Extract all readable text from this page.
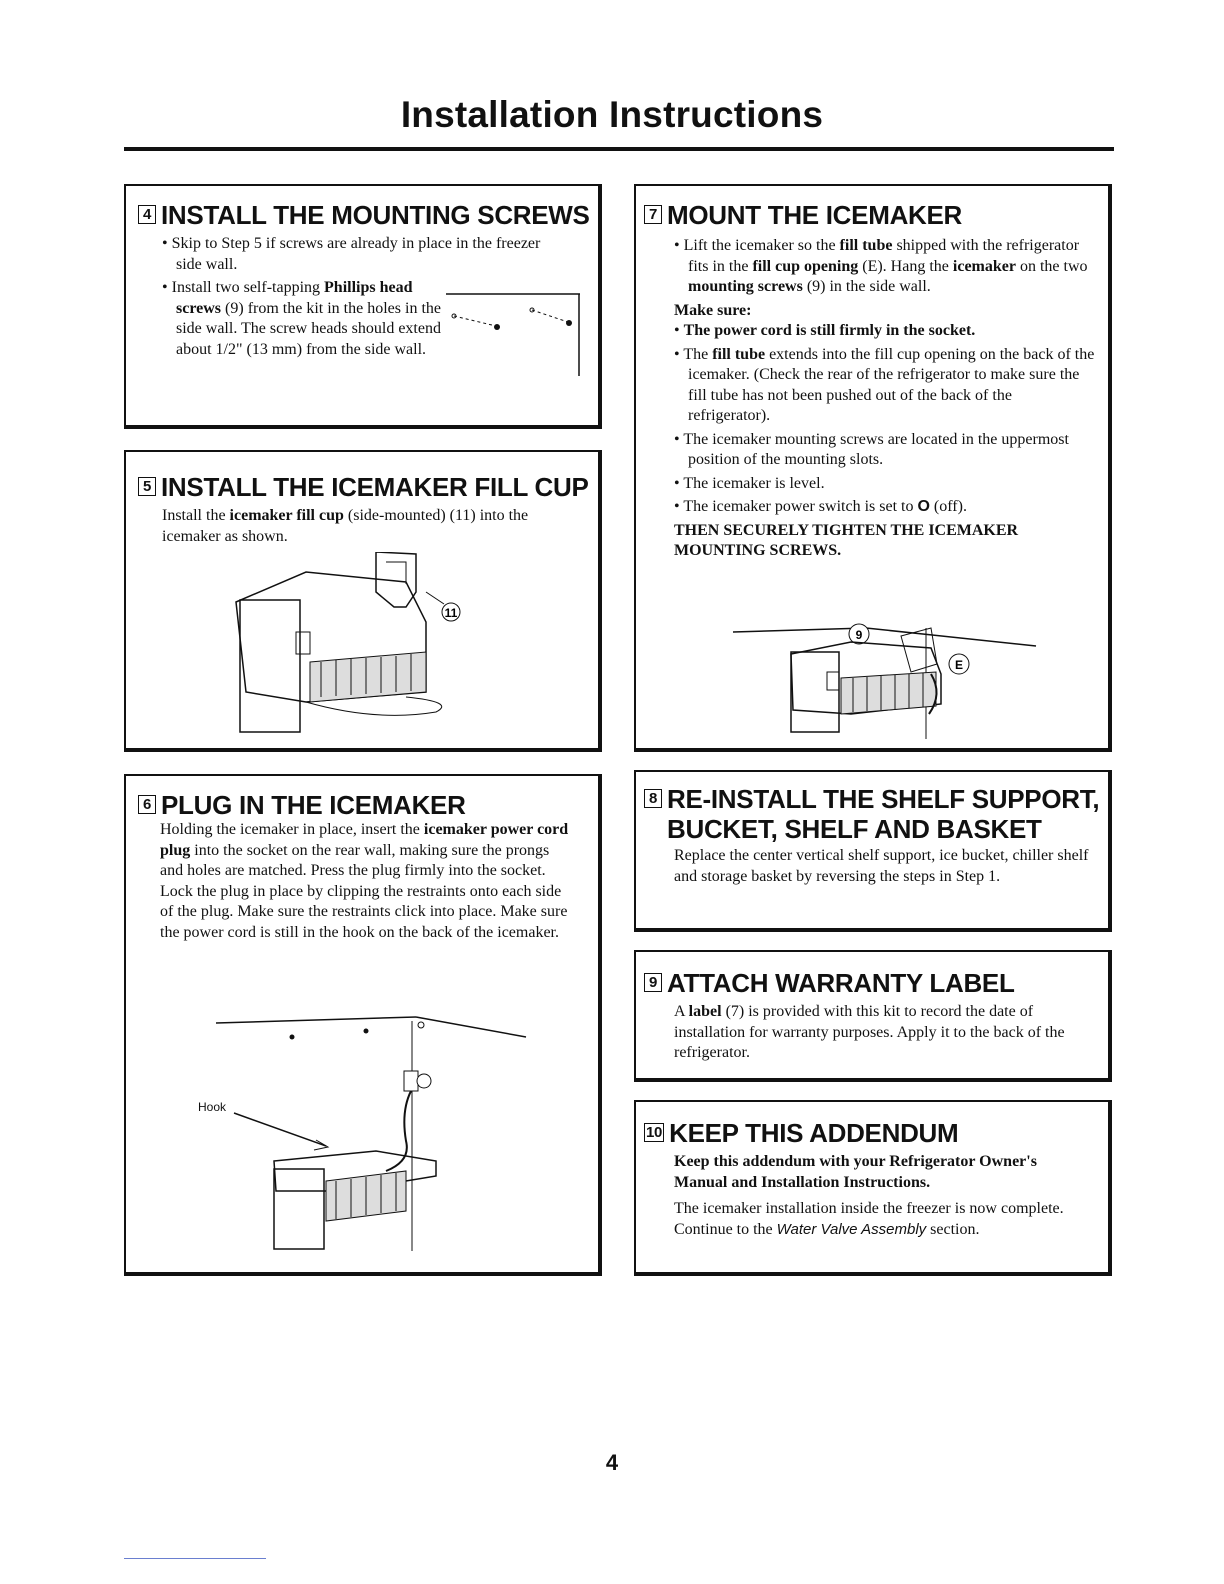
Installation Instructions
4 INSTALL THE MOUNTING SCREWS

• Skip to Step 5 if screws are already in place in the freezer side wall.

• Install two self-tapping Phillips head screws (9) from the kit in the holes in the side wall. The screw heads should extend about 1/2" (13 mm) from the side wall.

5 INSTALL THE ICEMAKER FILL CUP

Install the icemaker fill cup (side-mounted) (11) into the icemaker as shown.

11
6 PLUG IN THE ICEMAKER

Holding the icemaker in place, insert the icemaker power cord plug into the socket on the rear wall, making sure the prongs and holes are matched. Press the plug firmly into the socket. Lock the plug in place by clipping the restraints onto each side of the plug. Make sure the restraints click into place. Make sure the power cord is still in the hook on the back of the icemaker.

Hook
7 MOUNT THE ICEMAKER

• Lift the icemaker so the fill tube shipped with the refrigerator fits in the fill cup opening (E). Hang the icemaker on the two mounting screws (9) in the side wall.

Make sure:

• The power cord is still firmly in the socket.

• The fill tube extends into the fill cup opening on the back of the icemaker. (Check the rear of the refrigerator to make sure the fill tube has not been pushed out of the back of the refrigerator).

• The icemaker mounting screws are located in the uppermost position of the mounting slots.

• The icemaker is level.

• The icemaker power switch is set to O (off).

THEN SECURELY TIGHTEN THE ICEMAKER MOUNTING SCREWS.

9
E
8 RE-INSTALL THE SHELF SUPPORT,
BUCKET, SHELF AND BASKET

Replace the center vertical shelf support, ice bucket, chiller shelf and storage basket by reversing the steps in Step 1.

9 ATTACH WARRANTY LABEL

A label (7) is provided with this kit to record the date of installation for warranty purposes. Apply it to the back of the refrigerator.

10 KEEP THIS ADDENDUM

Keep this addendum with your Refrigerator Owner's Manual and Installation Instructions.

The icemaker installation inside the freezer is now complete. Continue to the Water Valve Assembly section.

4
